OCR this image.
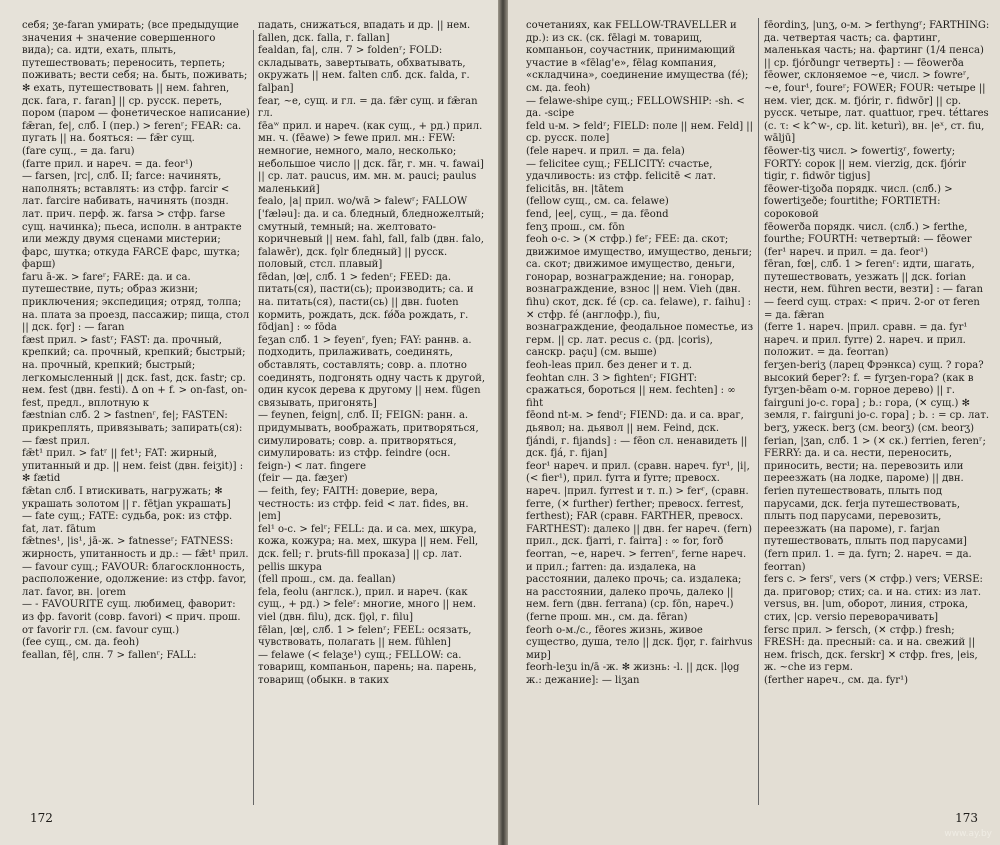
себя; ʒe-faran умирать; (все предыдущие значения + значение совершенного вида); са. идти, ехать, плыть, путешествовать; переносить, терпеть; поживать; вести себя; на. быть, поживать; ✻ ехать, путешествовать || нем. fahren, дск. fara, г. faran] || ср. русск. переть, пором (паром — фонетическое написание)

fǣran, fe|, слб. I (пер.) > ferenʳ; FEAR: са. пугать || на. бояться: — fǣr сущ.

(fare сущ., = да. faru)

(farre прил. и нареч. = да. feor¹)

— farsen, |rc|, слб. II; farce: начинять, наполнять; вставлять: из стфр. farcir < лат. farcire набивать, начинять (поздн. лат. прич. перф. ж. farsa > стфр. farse сущ. начинка); пьеса, исполн. в антракте или между двумя сценами мистерии; фарс, шутка; откуда FARCE фарс, шутка; фарш)

faru ā-ж. > fareʳ; FARE: да. и са. путешествие, путь; образ жизни; приключения; экспедиция; отряд, толпа; на. плата за проезд, пассажир; пища, стол || дск. fǫr] : — faran

fæst прил. > fastʳ; FAST: да. прочный, крепкий; са. прочный, крепкий; быстрый; на. прочный, крепкий; быстрый; легкомысленный || дск. fast, дск. fastr; ср. нем. fest (двн. festi). ∆ on + f. > on-fast, on-fest, предл., вплотную к

fæstnian слб. 2 > fastnenʳ, fe|; FASTEN: прикреплять, привязывать; запирать(ся): — fæst прил.

fǣt¹ прил. > fatʳ || fet¹; FAT: жирный, упитанный и др. || нем. feist (двн. feiʒit)] : ✻ fætid

fǣtan слб. I втискивать, нагружать; ✻ украшать золотом || г. fētjan украшать]

— fate сущ.; FATE: судьба, рок: из стфр. fat, лат. fātum

fǣtnes¹, |is¹, jā-ж. > fatnesseʳ; FATNESS: жирность, упитанность и др.: — fǣt¹ прил.

— favour сущ.; FAVOUR: благосклонность, расположение, одолжение: из стфр. favor, лат. favor, вн. |orem

— - FAVOURITE сущ. любимец, фаворит: из фр. favorit (совр. favori) < прич. прош. от favorir гл. (см. favour сущ.)

(fee сущ., см. да. feoh)

feallan, fē|, слн. 7 > fallenʳ; FALL:

падать, снижаться, впадать и др. || нем. fallen, дск. falla, г. fallan]

fealdan, fa|, слн. 7 > foldenʳ; FOLD: складывать, завертывать, обхватывать, окружать || нем. falten слб. дск. falda, г. falþan]

fear, ~e, сущ. и гл. = да. fǣr сущ. и fǣran гл.

fēaʷ прил. и нареч. (как сущ., + рд.) прил. мн. ч. (fēawe) > fewe прил. мн.: FEW: немногие, немного, мало, несколько; небольшое число || дск. fār, г. мн. ч. fawai] || ср. лат. paucus, им. мн. м. pauci; paulus маленький]

fealo, |a| прил. wo/wā > falewʳ; FALLOW ['fæləu]: да. и са. бледный, бледножелтый; смутный, темный; на. желтовато-коричневый || нем. fahl, fall, falb (двн. falo, falawēr), дск. fǫlr бледный] || русск. половый, стсл. плавый]

fēdan, |œ|, слб. 1 > fedenʳ; FEED: да. питать(ся), пасти(сь); производить; са. и на. питать(ся), пасти(сь) || двн. fuoten кормить, рождать, дск. fǿða рождать, г. fōdjan] : ∞ fōda

feʒan слб. 1 > feyenʳ, fyen; FAY: раннв. а. подходить, прилаживать, соединять, обставлять, составлять; совр. а. плотно соединять, подгонять одну часть к другой, один кусок дерева к другому || нем. fügen связывать, пригонять]

— feynen, feign|, слб. II; FEIGN: ранн. а. придумывать, воображать, притворяться, симулировать; совр. а. притворяться, симулировать: из стфр. feindre (осн. feign-) < лат. fingere

(feir — да. fæʒer)

— feith, fey; FAITH: доверие, вера, честность: из стфр. feid < лат. fides, вн. |em]

fel¹ о-с. > felʳ; FELL: да. и са. мех, шкура, кожа, кожура; на. мех, шкура || нем. Fell, дск. fell; г. þruts-fill проказа] || ср. лат. pellis шкура

(fell прош., см. да. feallan)

fela, feolu (англск.), прил. и нареч. (как сущ., + рд.) > feleʳ: многие, много || нем. viel (двн. filu), дск. fjǫl, г. filu]

fēlan, |œ|, слб. 1 > felenʳ; FEEL: осязать, чувствовать, полагать || нем. fühlen]

— felawe (< felaʒe¹) сущ.; FELLOW: са. товарищ, компаньон, парень; на. парень, товарищ (обыкн. в таких

172

сочетаниях, как FELLOW-TRAVELLER и др.): из ск. (ск. fēlagi м. товарищ, компаньон, соучастник, принимающий участие в «fēlag'е», fēlag компания, «складчина», соединение имущества (fé); см. да. feoh)

— felawe-shipe сущ.; FELLOWSHIP: -sh. < да. -scipe

feld u-м. > feldʳ; FIELD: поле || нем. Feld] || ср. русск. поле]

(fele нареч. и прил. = да. fela)

— felicitee сущ.; FELICITY: счастье, удачливость: из стфр. felicitē < лат. felicitās, вн. |tātem

(fellow сущ., см. са. felawe)

fend, |ee|, сущ., = да. fēond

fenʒ прош., см. fōn

feoh о-с. > (✕ стфр.) feʳ; FEE: да. скот; движимое имущество, имущество, деньги; са. скот; движимое имущество, деньги, гонорар, вознаграждение; на. гонорар, вознаграждение, взнос || нем. Vieh (двн. fihu) скот, дск. fé (ср. са. felawe), г. faihu] : ✕ стфр. fé (англофр.), fiu, вознаграждение, феодальное поместье, из герм. || ср. лат. pecus с. (рд. |coris), санскр. paçu] (см. выше)

feoh-leas прил. без денег и т. д.

feohtan слн. 3 > fightenʳ; FIGHT: сражаться, бороться || нем. fechten] : ∞ fiht

fēond nt-м. > fendʳ; FIEND: да. и са. враг, дьявол; на. дьявол || нем. Feind, дск. fjándi, г. fijands] : — fēon сл. ненавидеть || дск. fjá, г. fijan]

feor¹ нареч. и прил. (сравн. нареч. fyr¹, |i|, (< fier¹), прил. fyrra и fyrre; превосх. нареч. |прил. fyrrest и т. п.) > ferʳ, (сравн. ferre, (✕ further) ferther; превосх. ferrest, ferthest); FAR (сравн. FARTHER, превосх. FARTHEST): далеко || двн. fer нареч. (fern) прил., дск. fjarri, г. fairra] : ∞ for, forð

feorran, ~e, нареч. > ferrenʳ, ferne нареч. и прил.; farren: да. издалека, на расстоянии, далеко прочь; са. издалека; на расстоянии, далеко прочь, далеко || нем. fern (двн. ferrana) (ср. fōn, нареч.)

(ferne прош. мн., см. да. fēran)

feorh о-м./с., fēores жизнь, живое существо, душа, тело || дск. fjǫr, г. fairhvus мир]

feorh-leʒu in/ā -ж. ✻ жизнь: -l. || дск. |lǫg ж.: дежание]: — liʒan

fēordinʒ, |unʒ, о-м. > ferthyngʳ; FARTHING: да. четвертая часть; са. фартинг, маленькая часть; на. фартинг (1/4 пенса) || ср. fjórðungr четверть] : — fēowerða

fēower, склоняемое ~e, числ. > fowreʳ, ~e, four¹, foureʳ; FOWER; FOUR: четыре || нем. vier, дск. м. fjórir, г. fidwōr] || ср. русск. четыре, лат. quattuor, греч. téttares (с. τ: < k^w-, ср. lit. keturì), вн. |eˣ, ст. fiu, wāljū]

fēower-tiʒ числ. > fowertiʒʳ, fowerty; FORTY: сорок || нем. vierzig, дск. fjórir tigir, г. fidwōr tigjus]

fēower-tiʒoða порядк. числ. (слб.) > fowertiʒeðe; fourtithe; FORTIETH: сороковой

fēowerða порядк. числ. (слб.) > ferthe, fourthe; FOURTH: четвертый: — fēower

(fer¹ нареч. и прил. = да. feor¹)

fēran, fœ|, слб. 1 > ferenʳ: идти, шагать, путешествовать, уезжать || дск. forian нести, нем. führen вести, везти] : — faran

— feerd сущ. страх: < прич. 2-ог от feren = да. fǣran

(ferre 1. нареч. |прил. сравн. = да. fyr¹ нареч. и прил. fyrre) 2. нареч. и прил. положит. = да. feorran)

ferʒen-beriʒ (ларец Фрэнкса) сущ. ? гора? высокий берег?: f. = fyrʒen-гора? (как в fyrʒen-bēam о-м. горное дерево) || г. fairguni jo-с. гора] ; b.: гора, (✕ сущ.) ✻ земля, г. fairguni jo-с. гора] ; b. : = ср. лат. berʒ, ужеск. berʒ (см. beorʒ) (см. beorʒ)

ferian, |ʒan, слб. 1 > (✕ ск.) ferrien, ferenʳ; FERRY: да. и са. нести, переносить, приносить, вести; на. перевозить или переезжать (на лодке, пароме) || двн. ferien путешествовать, плыть под парусами, дск. ferja путешествовать, плыть под парусами, перевозить, переезжать (на пароме), г. farjan путешествовать, плыть под парусами]

(fern прил. 1. = да. fyrn; 2. нареч. = да. feorran)

fers с. > fersʳ, vers (✕ стфр.) vers; VERSE: да. приговор; стих; са. и на. стих: из лат. versus, вн. |um, оборот, линия, строка, стих, |ср. versio переворачивать]

fersc прил. > fersch, (✕ стфр.) fresh; FRESH: да. пресный: са. и на. свежий || нем. frisch, дск. ferskr] ✕ стфр. fres, |eis, ж. ~che из герм.

(ferther нареч., см. да. fyr¹)

173
www.ay.by
